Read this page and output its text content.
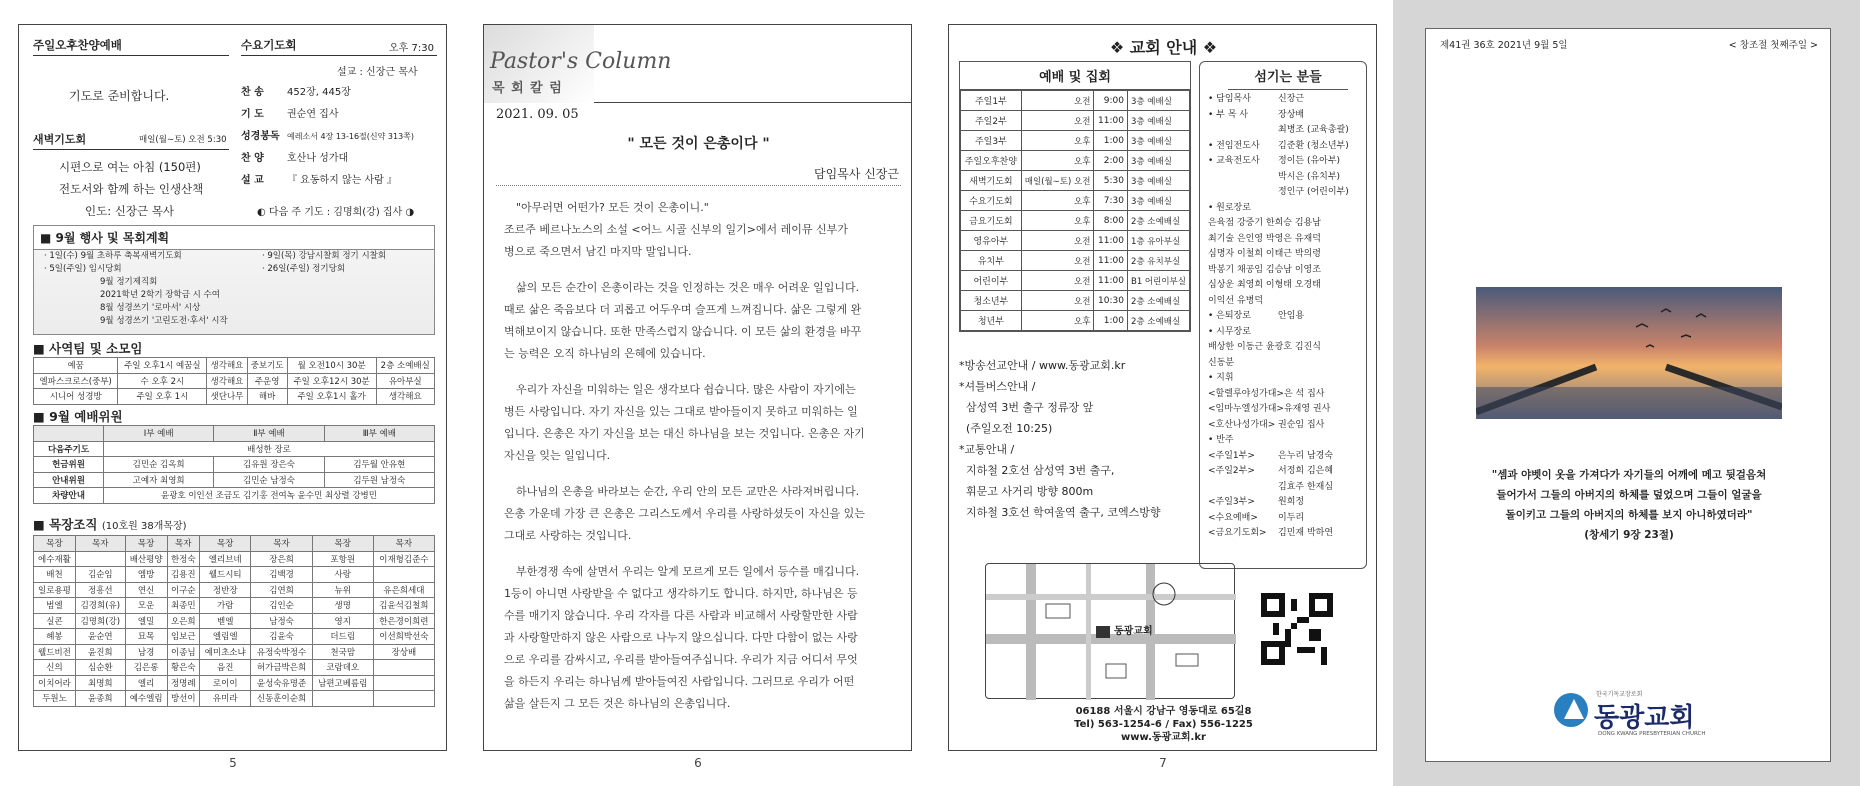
주일오후찬양예배
기도로 준비합니다.
새벽기도회	매일(월∼토) 오전 5:30
시편으로 여는 아침 (150편)
전도서와 함께 하는 인생산책
인도: 신장근 목사
수요기도회	오후 7:30
설교 : 신장근 목사
찬 송 452장, 445장
기 도 권순연 집사
성경봉독 예레소서 4장 13-16절(신약 313쪽)
찬 양 호산나 성가대
설 교 『 요동하지 않는 사람 』
◐ 다음 주 기도 : 김명희(강) 집사 ◑
■ 9월 행사 및 목회계획
· 1일(수) 9월 초하루 축복새벽기도회
· 5일(주일) 임시당회
9월 정기제직회
2021학년 2학기 장학금 시 수여
8월 성경쓰기 '로마서' 시상
9월 성경쓰기 '고린도전·후서' 시작
· 9일(목) 강남시찰회 정기 시찰회
· 26일(주일) 정기당회
■ 사역팀 및 소모임
예꿈	주일 오후1시 예꿈실	생각해요	중보기도	월 오전10시 30분	2층 소예배실
엘파스크로스(중부)	수 오후 2시	생각해요	주운영	주일 오후12시 30분	유아부실
시니어 성경방	주일 오후 1시	샛단나무	해바	주일 오후1시 홀가	생각해요
■ 9월 예배위원
	Ⅰ부 예배	Ⅱ부 예배	Ⅲ부 예배
다음주기도	배성한 장로		
헌금위원	김민순 김옥희	김유원 장은숙	김두월 안유현
안내위원	고예자 최영희	김민순 남정숙	김두원 남정숙
차량안내	윤광호 이인선 조금도 김기홍 전여녹 윤수민 최상렬 강병민		
■ 목장조직 (10호원 38개목장)
목장	목자	목장	목자	목장	목자	목장	목자
에수재활		배산평양	한정숙	엘리브네	장은희	포항원	이재형김준수
배천	김순임	엠방	김용진	웰드시티	김백경	사랑	
일로용평	정흥선	연신	이구순	정반장	김연희	뉴위	유은희세대
범엘	김경희(유)	모운	최종민	가람	김인순	생명	김윤석김철희
실콘	김명희(강)	엘밀	오은희	벧엘	남정숙	영지	한은경이희련
혜봉	윤순연	묘목	임보근	엘림엘	김윤숙	더드림	이선희박선숙
웰드비전	윤진희	남경	이종님	예미초소냐	유정숙박정수	천국맘	장상배
신의	심순환	김은롱	황은숙	음진	허가금박은희	코람데오	
이치어라	최명희	엘리	정명례	로이이	윤성숙유명준	남편고베름림	
두원노	윤종희	예수엘림	방선이	유미라	신동훈이순희		
Pastor's Column
목 회 칼 럼
2021. 09. 05
" 모든 것이 은총이다 "
담임목사 신장근
"아무러면 어떤가? 모든 것이 은총이니."
조르주 베르나노스의 소설 <어느 시골 신부의 일기>에서 레이뮤 신부가
병으로 죽으면서 남긴 마지막 말입니다.
삶의 모든 순간이 은총이라는 것을 인정하는 것은 매우 어려운 일입니다.
때로 삶은 죽음보다 더 괴롭고 어두우며 슬프게 느껴집니다. 삶은 그렇게 완
벽해보이지 않습니다. 또한 만족스럽지 않습니다. 이 모든 삶의 환경을 바꾸
는 능력은 오직 하나님의 은혜에 있습니다.
우리가 자신을 미워하는 일은 생각보다 쉽습니다. 많은 사람이 자기에는
병든 사랑입니다. 자기 자신을 있는 그대로 받아들이지 못하고 미워하는 일
입니다. 은총은 자기 자신을 보는 대신 하나님을 보는 것입니다. 은총은 자기
자신을 잊는 일입니다.
하나님의 은총을 바라보는 순간, 우리 안의 모든 교만은 사라져버립니다.
은총 가운데 가장 큰 은총은 그리스도께서 우리를 사랑하셨듯이 자신을 있는
그대로 사랑하는 것입니다.
부한경쟁 속에 살면서 우리는 알게 모르게 모든 일에서 등수를 매깁니다.
1등이 아니면 사랑받을 수 없다고 생각하기도 합니다. 하지만, 하나님은 등
수를 매기지 않습니다. 우리 각자를 다른 사람과 비교해서 사랑할만한 사람
과 사랑할만하지 않은 사람으로 나누지 않으십니다. 다만 다함이 없는 사랑
으로 우리를 감싸시고, 우리를 받아들여주십니다. 우리가 지금 어디서 무엇
을 하든지 우리는 하나님께 받아들여진 사람입니다. 그러므로 우리가 어떤
삶을 살든지 그 모든 것은 하나님의 은총입니다.
❖ 교회 안내 ❖
예배 및 집회
주일1부	오전	9:00	3층 예배실
주일2부	오전	11:00	3층 예배실
주일3부	오후	1:00	3층 예배실
주일오후찬양	오후	2:00	3층 예배실
새벽기도회	매일(월∼토) 오전	5:30	3층 예배실
수요기도회	오후	7:30	3층 예배실
금요기도회	오후	8:00	2층 소예배실
영유아부	오전	11:00	1층 유아부실
유치부	오전	11:00	2층 유치부실
어린이부	오전	11:00	B1 어린이부실
청소년부	오전	10:30	2층 소예배실
청년부	오후	1:00	2층 소예배실
*방송선교안내 / www.동광교회.kr
*셔틀버스안내 /
삼성역 3번 출구 정류장 앞
(주일오전 10:25)
*교통안내 /
지하철 2호선 삼성역 3번 출구,
휘문고 사거리 방향 800m
지하철 3호선 학여울역 출구, 코엑스방향
섬기는 분들
• 담임목사	신장근
• 부 목 사	장상배
최병조 (교육총괄)
• 전임전도사 김준환 (청소년부)
• 교육전도사 정이든 (유아부)
박시은 (유치부)
정인구 (어린이부)
• 원로장로
은육점 강중기 한희승 김용남
최기술 은인영 박영은 유재덕
심명자 이철희 이태근 박의령
박봉기 채공임 김승남 이영조
심상운 최영희 이형태 오경태
이익선 유병덕
• 은퇴장로	안임용
• 시무장로
배상한 이동근 윤광호 김진식
신동분
• 지휘
<할렐루야성가대>은 석 집사
<임마누엘성가대>유재영 권사
<호산나성가대> 권순임 집사
• 반주
<주일1부>	은누리 남경숙
<주일2부>	서정희 김은혜
김효주 한재심
<주일3부>	원희정
<수요예배> 이두리
<금요기도회> 김민재 박하연
동광교회
06188 서울시 강남구 영동대로 65길8
Tel) 563-1254-6 / Fax) 556-1225
www.동광교회.kr
5	6	7
제41권 36호 2021년 9월 5일	< 창조절 첫째주일 >
"셈과 야벳이 옷을 가져다가 자기들의 어깨에 메고 뒷걸음쳐
들어가서 그들의 아버지의 하체를 덮었으며 그들이 얼굴을
돌이키고 그들의 아버지의 하체를 보지 아니하였더라"
(창세기 9장 23절)
한국기독교장로회
동광교회
DONG KWANG PRESBYTERIAN CHURCH
